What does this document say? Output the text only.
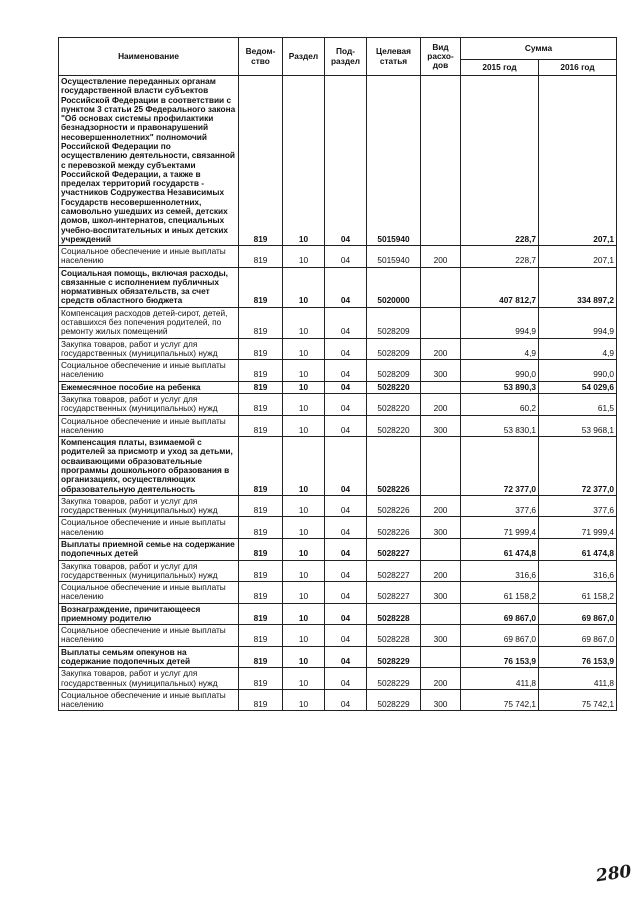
Наименование	Ведом-ство	Раздел	Под-раздел	Целевая статья	Вид расхо-дов	Сумма	
						2015 год	2016 год
Осуществление переданных органам государственной власти субъектов Российской Федерации в соответствии с пунктом 3 статьи 25 Федерального закона "Об основах системы профилактики безнадзорности и правонарушений несовершеннолетних" полномочий Российской Федерации по осуществлению деятельности, связанной с перевозкой между субъектами Российской Федерации, а также в пределах территорий государств - участников Содружества Независимых Государств несовершеннолетних, самовольно ушедших из семей, детских домов, школ-интернатов, специальных учебно-воспитательных и иных детских учреждений	819	10	04	5015940		228,7	207,1
Социальное обеспечение и иные выплаты населению	819	10	04	5015940	200	228,7	207,1
Социальная помощь, включая расходы, связанные с исполнением публичных нормативных обязательств, за счет средств областного бюджета	819	10	04	5020000		407 812,7	334 897,2
Компенсация расходов детей-сирот, детей, оставшихся без попечения родителей, по ремонту жилых помещений	819	10	04	5028209		994,9	994,9
Закупка товаров, работ и услуг для государственных (муниципальных) нужд	819	10	04	5028209	200	4,9	4,9
Социальное обеспечение и иные выплаты населению	819	10	04	5028209	300	990,0	990,0
Ежемесячное пособие на ребенка	819	10	04	5028220		53 890,3	54 029,6
Закупка товаров, работ и услуг для государственных (муниципальных) нужд	819	10	04	5028220	200	60,2	61,5
Социальное обеспечение и иные выплаты населению	819	10	04	5028220	300	53 830,1	53 968,1
Компенсация платы, взимаемой с родителей за присмотр и уход за детьми, осваивающими образовательные программы дошкольного образования в организациях, осуществляющих образовательную деятельность	819	10	04	5028226		72 377,0	72 377,0
Закупка товаров, работ и услуг для государственных (муниципальных) нужд	819	10	04	5028226	200	377,6	377,6
Социальное обеспечение и иные выплаты населению	819	10	04	5028226	300	71 999,4	71 999,4
Выплаты приемной семье на содержание подопечных детей	819	10	04	5028227		61 474,8	61 474,8
Закупка товаров, работ и услуг для государственных (муниципальных) нужд	819	10	04	5028227	200	316,6	316,6
Социальное обеспечение и иные выплаты населению	819	10	04	5028227	300	61 158,2	61 158,2
Вознаграждение, причитающееся приемному родителю	819	10	04	5028228		69 867,0	69 867,0
Социальное обеспечение и иные выплаты населению	819	10	04	5028228	300	69 867,0	69 867,0
Выплаты семьям опекунов на содержание подопечных детей	819	10	04	5028229		76 153,9	76 153,9
Закупка товаров, работ и услуг для государственных (муниципальных) нужд	819	10	04	5028229	200	411,8	411,8
Социальное обеспечение и иные выплаты населению	819	10	04	5028229	300	75 742,1	75 742,1
280
